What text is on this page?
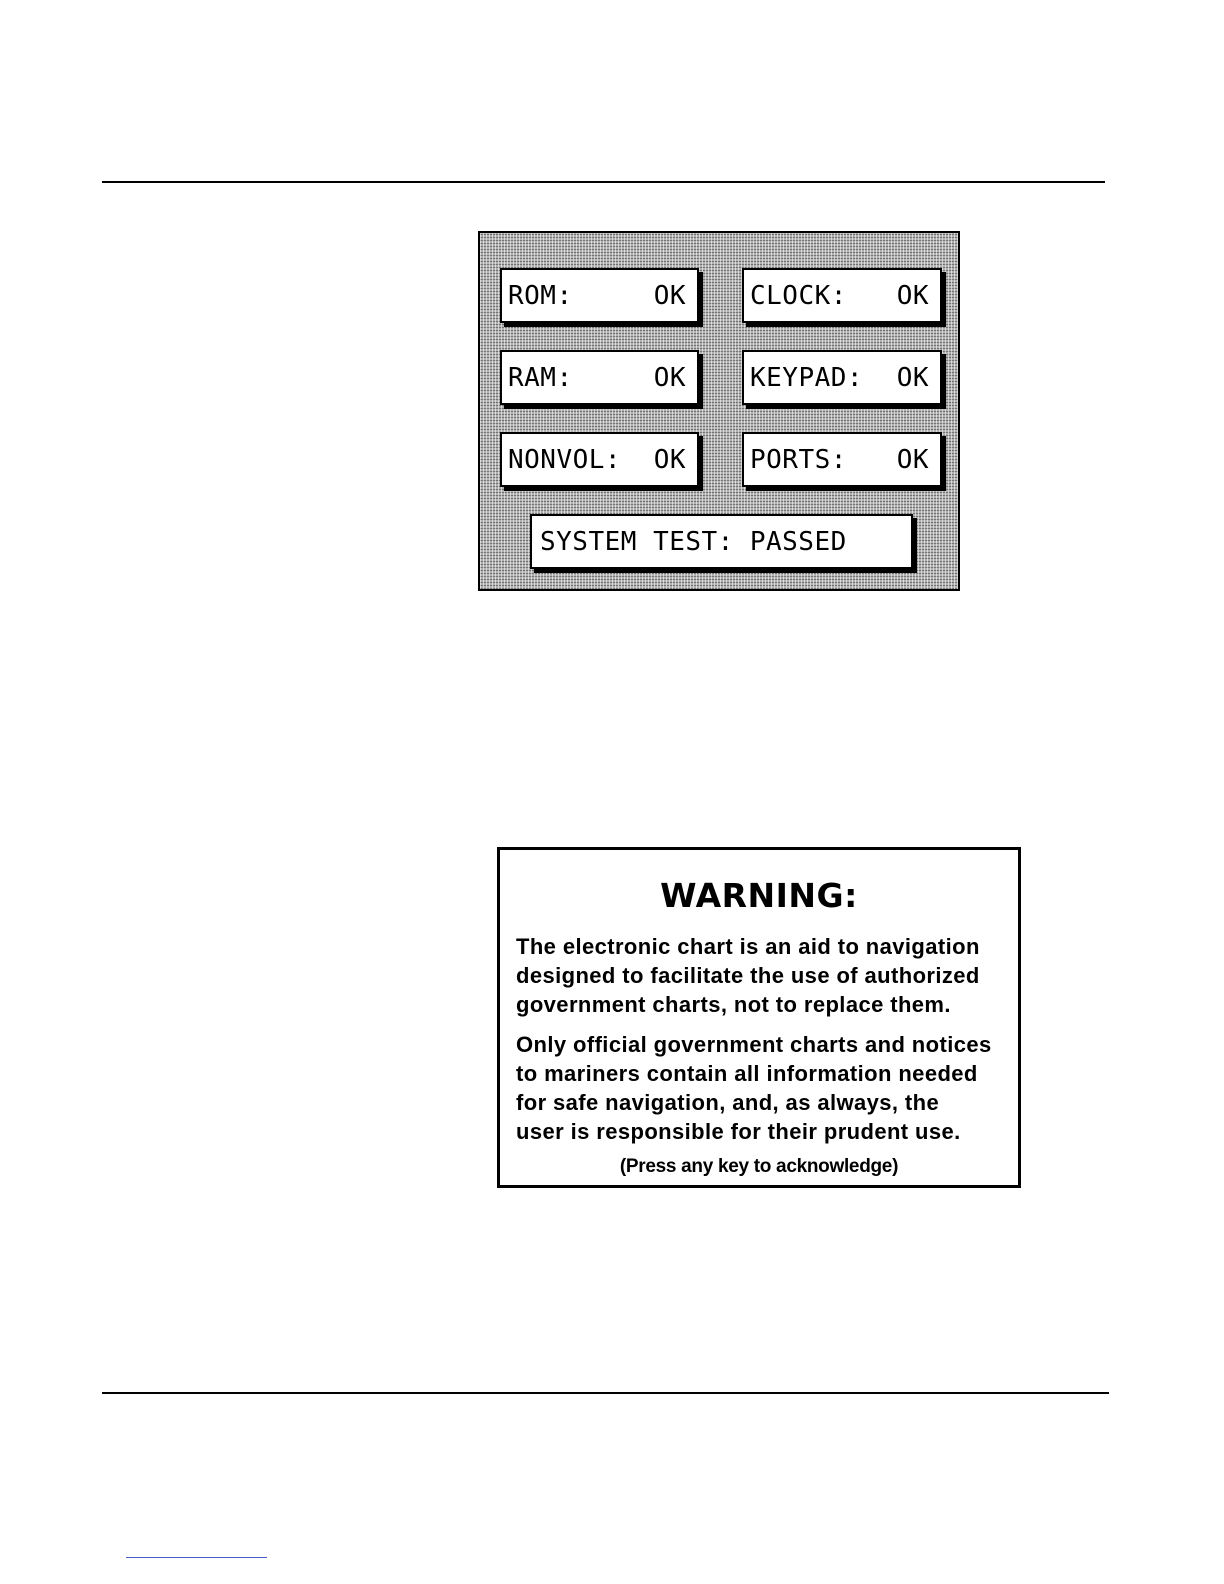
ROM:	OK CLOCK: OK
RAM:	OK KEYPAD: OK
NONVOL: OK PORTS: OK
SYSTEM TEST: PASSED
WARNING:
The electronic chart is an aid to navigation
designed to facilitate the use of authorized
government charts, not to replace them.
Only official government charts and notices
to mariners contain all information needed
for safe navigation, and, as always, the
user is responsible for their prudent use.
(Press any key to acknowledge)
